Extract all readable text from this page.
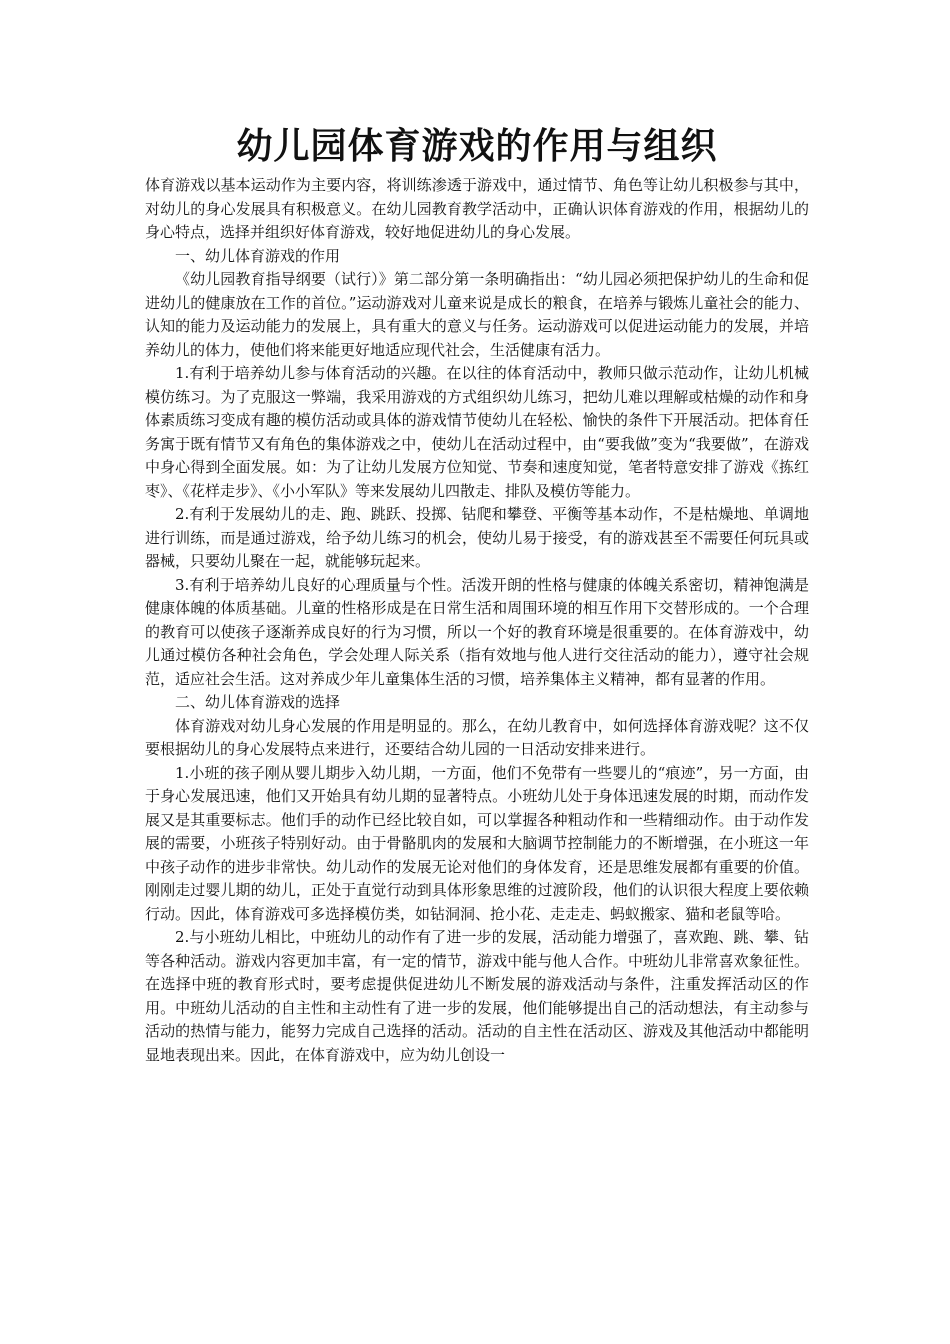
幼儿园体育游戏的作用与组织

体育游戏以基本运动作为主要内容，将训练渗透于游戏中，通过情节、角色等让幼儿积极参与其中，对幼儿的身心发展具有积极意义。在幼儿园教育教学活动中，正确认识体育游戏的作用，根据幼儿的身心特点，选择并组织好体育游戏，较好地促进幼儿的身心发展。

一、幼儿体育游戏的作用

《幼儿园教育指导纲要（试行）》第二部分第一条明确指出：“幼儿园必须把保护幼儿的生命和促进幼儿的健康放在工作的首位。”运动游戏对儿童来说是成长的粮食，在培养与锻炼儿童社会的能力、认知的能力及运动能力的发展上，具有重大的意义与任务。运动游戏可以促进运动能力的发展，并培养幼儿的体力，使他们将来能更好地适应现代社会，生活健康有活力。

1.有利于培养幼儿参与体育活动的兴趣。在以往的体育活动中，教师只做示范动作，让幼儿机械模仿练习。为了克服这一弊端，我采用游戏的方式组织幼儿练习，把幼儿难以理解或枯燥的动作和身体素质练习变成有趣的模仿活动或具体的游戏情节使幼儿在轻松、愉快的条件下开展活动。把体育任务寓于既有情节又有角色的集体游戏之中，使幼儿在活动过程中，由“要我做”变为“我要做”，在游戏中身心得到全面发展。如：为了让幼儿发展方位知觉、节奏和速度知觉，笔者特意安排了游戏《拣红枣》、《花样走步》、《小小军队》等来发展幼儿四散走、排队及模仿等能力。

2.有利于发展幼儿的走、跑、跳跃、投掷、钻爬和攀登、平衡等基本动作，不是枯燥地、单调地进行训练，而是通过游戏，给予幼儿练习的机会，使幼儿易于接受，有的游戏甚至不需要任何玩具或器械，只要幼儿聚在一起，就能够玩起来。

3.有利于培养幼儿良好的心理质量与个性。活泼开朗的性格与健康的体魄关系密切，精神饱满是健康体魄的体质基础。儿童的性格形成是在日常生活和周围环境的相互作用下交替形成的。一个合理的教育可以使孩子逐渐养成良好的行为习惯，所以一个好的教育环境是很重要的。在体育游戏中，幼儿通过模仿各种社会角色，学会处理人际关系（指有效地与他人进行交往活动的能力），遵守社会规范，适应社会生活。这对养成少年儿童集体生活的习惯，培养集体主义精神，都有显著的作用。

二、幼儿体育游戏的选择

体育游戏对幼儿身心发展的作用是明显的。那么，在幼儿教育中，如何选择体育游戏呢？这不仅要根据幼儿的身心发展特点来进行，还要结合幼儿园的一日活动安排来进行。

1.小班的孩子刚从婴儿期步入幼儿期，一方面，他们不免带有一些婴儿的“痕迹”，另一方面，由于身心发展迅速，他们又开始具有幼儿期的显著特点。小班幼儿处于身体迅速发展的时期，而动作发展又是其重要标志。他们手的动作已经比较自如，可以掌握各种粗动作和一些精细动作。由于动作发展的需要，小班孩子特别好动。由于骨骼肌肉的发展和大脑调节控制能力的不断增强，在小班这一年中孩子动作的进步非常快。幼儿动作的发展无论对他们的身体发育，还是思维发展都有重要的价值。刚刚走过婴儿期的幼儿，正处于直觉行动到具体形象思维的过渡阶段，他们的认识很大程度上要依赖行动。因此，体育游戏可多选择模仿类，如钻洞洞、抢小花、走走走、蚂蚁搬家、猫和老鼠等哈。

2.与小班幼儿相比，中班幼儿的动作有了进一步的发展，活动能力增强了，喜欢跑、跳、攀、钻等各种活动。游戏内容更加丰富，有一定的情节，游戏中能与他人合作。中班幼儿非常喜欢象征性。在选择中班的教育形式时，要考虑提供促进幼儿不断发展的游戏活动与条件，注重发挥活动区的作用。中班幼儿活动的自主性和主动性有了进一步的发展，他们能够提出自己的活动想法，有主动参与活动的热情与能力，能努力完成自己选择的活动。活动的自主性在活动区、游戏及其他活动中都能明显地表现出来。因此，在体育游戏中，应为幼儿创设一
